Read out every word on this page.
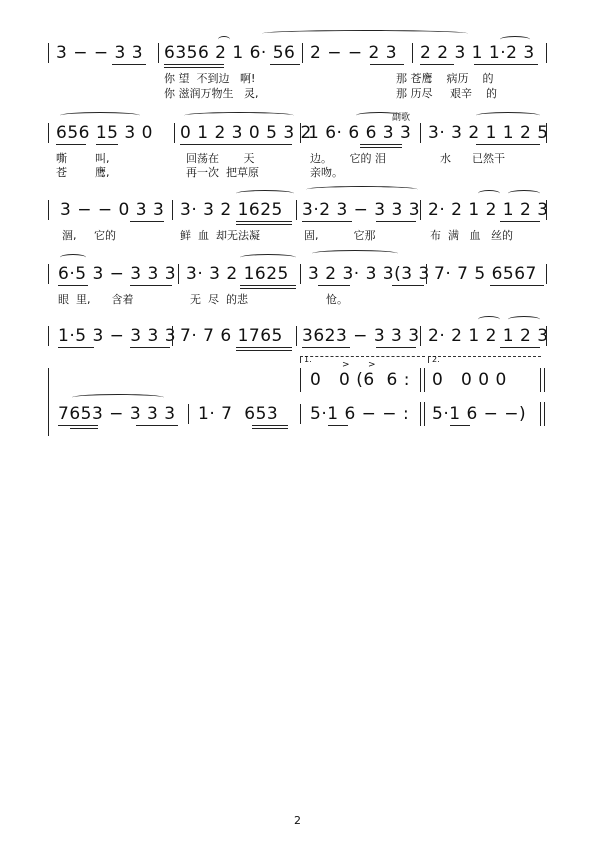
3 − − 3 3 6356 2 1 6· 56 2 − − 2 3 2 2 3 1 1·2 3
你 望  不到边   啊!	那 苍鹰    病历    的
你 滋润万物生   灵,	那 历尽     艰辛    的
副歌
656 15 3 0 0 1 2 3 0 5 3 2
1 6· 6 6 3 3 3· 3 2 1 1 2 5
嘶        叫,	回荡在       天	边。     它的 泪	水      已然干
苍        鹰,	再一次  把草原	亲吻。
3 − − 0 3 3 3· 3 2 1625 3·2 3 − 3 3 3 2· 2 1 2 1 2 3
涸,     它的	鲜  血  却无法凝	固,          它那	布  满   血   丝的
6·5 3 − 3 3 3 3· 3 2 1625 3 2 3· 3 3(3 3 7· 7 5 6567
眼  里,      含着	无  尽  的悲	怆。
1·5 3 − 3 3 3 7· 7 6 1765 3623 − 3 3 3 2· 2 1 2 1 2 3
1.	2.
0   0 (6  6 : 0   0 0 0
> >
7653 − 3 3 3 1· 7  653 5·1 6 − − : 5·1 6 − −)
2
